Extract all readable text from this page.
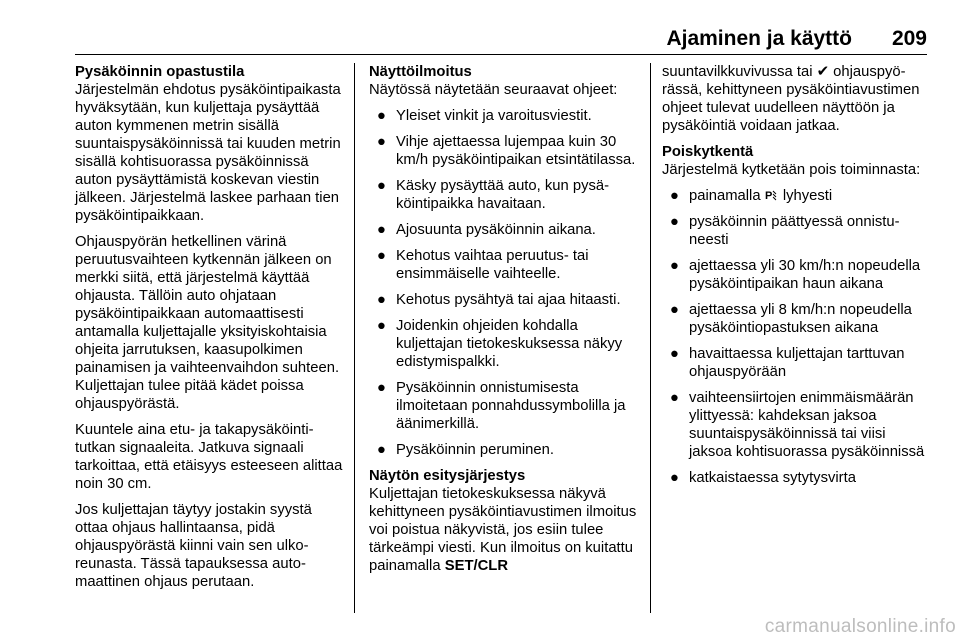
Ajaminen ja käyttö 209
Pysäköinnin opastustila

Järjestelmän ehdotus pysäköintipaikasta hyväksytään, kun kuljettaja pysäyttää auton kymmenen metrin sisällä suuntaispysäköinnissä tai kuuden metrin sisällä kohtisuorassa pysäköinnissä auton pysäyttämistä koskevan viestin jälkeen. Järjestelmä laskee parhaan tien pysäköintipaikkaan.

Ohjauspyörän hetkellinen värinä peruutusvaihteen kytkennän jälkeen on merkki siitä, että järjestelmä käyttää ohjausta. Tällöin auto ohjataan pysäköintipaikkaan automaattisesti antamalla kuljettajalle yksityiskohtaisia ohjeita jarrutuksen, kaasupolkimen painamisen ja vaihteenvaihdon suhteen. Kuljettajan tulee pitää kädet poissa ohjauspyörästä.

Kuuntele aina etu- ja takapysäköintitutkan signaaleita. Jatkuva signaali tarkoittaa, että etäisyys esteeseen alittaa noin 30 cm.

Jos kuljettajan täytyy jostakin syystä ottaa ohjaus hallintaansa, pidä ohjauspyörästä kiinni vain sen ulkoreunasta. Tässä tapauksessa automaattinen ohjaus perutaan.

Näyttöilmoitus

Näytössä näytetään seuraavat ohjeet:

● Yleiset vinkit ja varoitusviestit.
● Vihje ajettaessa lujempaa kuin 30 km/h pysäköintipaikan etsintätilassa.
● Käsky pysäyttää auto, kun pysäköintipaikka havaitaan.
● Ajosuunta pysäköinnin aikana.
● Kehotus vaihtaa peruutus- tai ensimmäiselle vaihteelle.
● Kehotus pysähtyä tai ajaa hitaasti.
● Joidenkin ohjeiden kohdalla kuljettajan tietokeskuksessa näkyy edistymispalkki.
● Pysäköinnin onnistumisesta ilmoitetaan ponnahdussymbolilla ja äänimerkillä.
● Pysäköinnin peruminen.
Näytön esitysjärjestys

Kuljettajan tietokeskuksessa näkyvä kehittyneen pysäköintiavustimen ilmoitus voi poistua näkyvistä, jos esiin tulee tärkeämpi viesti. Kun ilmoitus on kuitattu painamalla SET/CLR

suuntavilkkuvivussa tai ✔ ohjauspyörässä, kehittyneen pysäköintiavustimen ohjeet tulevat uudelleen näyttöön ja pysäköintiä voidaan jatkaa.

Poiskytkentä

Järjestelmä kytketään pois toiminnasta:

● painamalla P lyhyesti
● pysäköinnin päättyessä onnistuneesti
● ajettaessa yli 30 km/h:n nopeudella pysäköintipaikan haun aikana
● ajettaessa yli 8 km/h:n nopeudella pysäköintiopastuksen aikana
● havaittaessa kuljettajan tarttuvan ohjauspyörään
● vaihteensiirtojen enimmäismäärän ylittyessä: kahdeksan jaksoa suuntaispysäköinnissä tai viisi jaksoa kohtisuorassa pysäköinnissä
● katkaistaessa sytytysvirta
carmanualsonline.info
